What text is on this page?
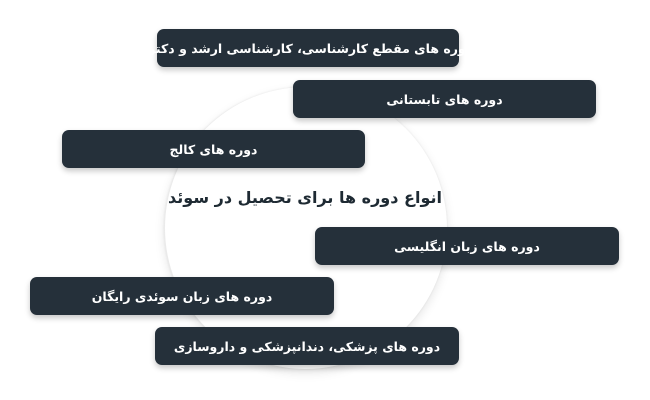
انواع دوره ها برای تحصیل در سوئد
دوره های مقطع کارشناسی، کارشناسی ارشد و دکترا
دوره های تابستانی
دوره های کالج
دوره های زبان انگلیسی
دوره های زبان سوئدی رایگان
دوره های پزشکی، دندانپزشکی و داروسازی
